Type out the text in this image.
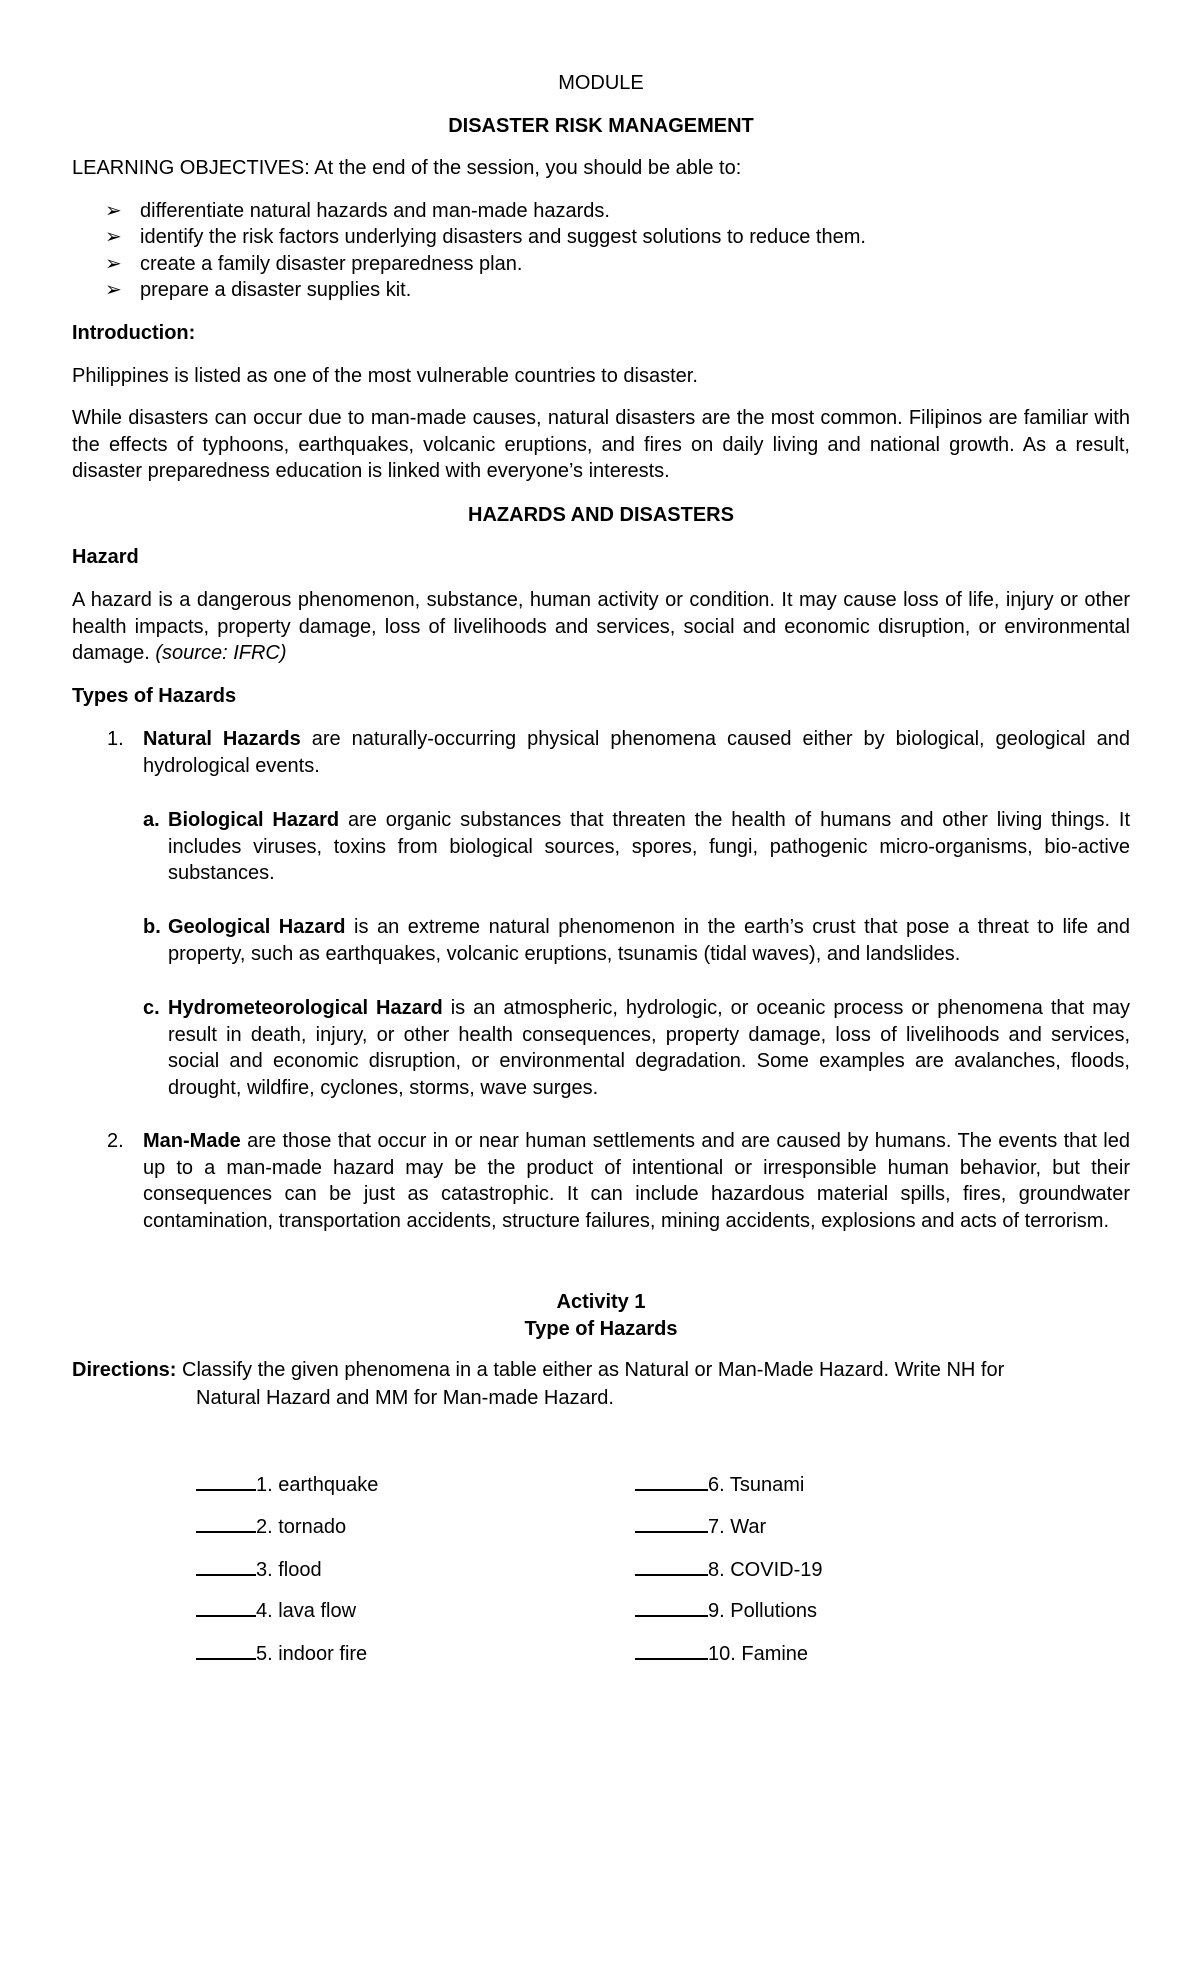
MODULE
DISASTER RISK MANAGEMENT
LEARNING OBJECTIVES: At the end of the session, you should be able to:
➢ differentiate natural hazards and man-made hazards.
➢ identify the risk factors underlying disasters and suggest solutions to reduce them.
➢ create a family disaster preparedness plan.
➢ prepare a disaster supplies kit.
Introduction:
Philippines is listed as one of the most vulnerable countries to disaster.
While disasters can occur due to man-made causes, natural disasters are the most common. Filipinos are familiar with the effects of typhoons, earthquakes, volcanic eruptions, and fires on daily living and national growth. As a result, disaster preparedness education is linked with everyone’s interests.
HAZARDS AND DISASTERS
Hazard
A hazard is a dangerous phenomenon, substance, human activity or condition. It may cause loss of life, injury or other health impacts, property damage, loss of livelihoods and services, social and economic disruption, or environmental damage. (source: IFRC)
Types of Hazards
1. Natural Hazards are naturally-occurring physical phenomena caused either by biological, geological and hydrological events.
a. Biological Hazard are organic substances that threaten the health of humans and other living things. It includes viruses, toxins from biological sources, spores, fungi, pathogenic micro-organisms, bio-active substances.
b. Geological Hazard is an extreme natural phenomenon in the earth’s crust that pose a threat to life and property, such as earthquakes, volcanic eruptions, tsunamis (tidal waves), and landslides.
c. Hydrometeorological Hazard is an atmospheric, hydrologic, or oceanic process or phenomena that may result in death, injury, or other health consequences, property damage, loss of livelihoods and services, social and economic disruption, or environmental degradation. Some examples are avalanches, floods, drought, wildfire, cyclones, storms, wave surges.
2. Man-Made are those that occur in or near human settlements and are caused by humans. The events that led up to a man-made hazard may be the product of intentional or irresponsible human behavior, but their consequences can be just as catastrophic. It can include hazardous material spills, fires, groundwater contamination, transportation accidents, structure failures, mining accidents, explosions and acts of terrorism.
Activity 1
Type of Hazards
Directions: Classify the given phenomena in a table either as Natural or Man-Made Hazard. Write NH for
Natural Hazard and MM for Man-made Hazard.
1. earthquake
2. tornado
3. flood
4. lava flow
5. indoor fire
6. Tsunami
7. War
8. COVID-19
9. Pollutions
10. Famine
